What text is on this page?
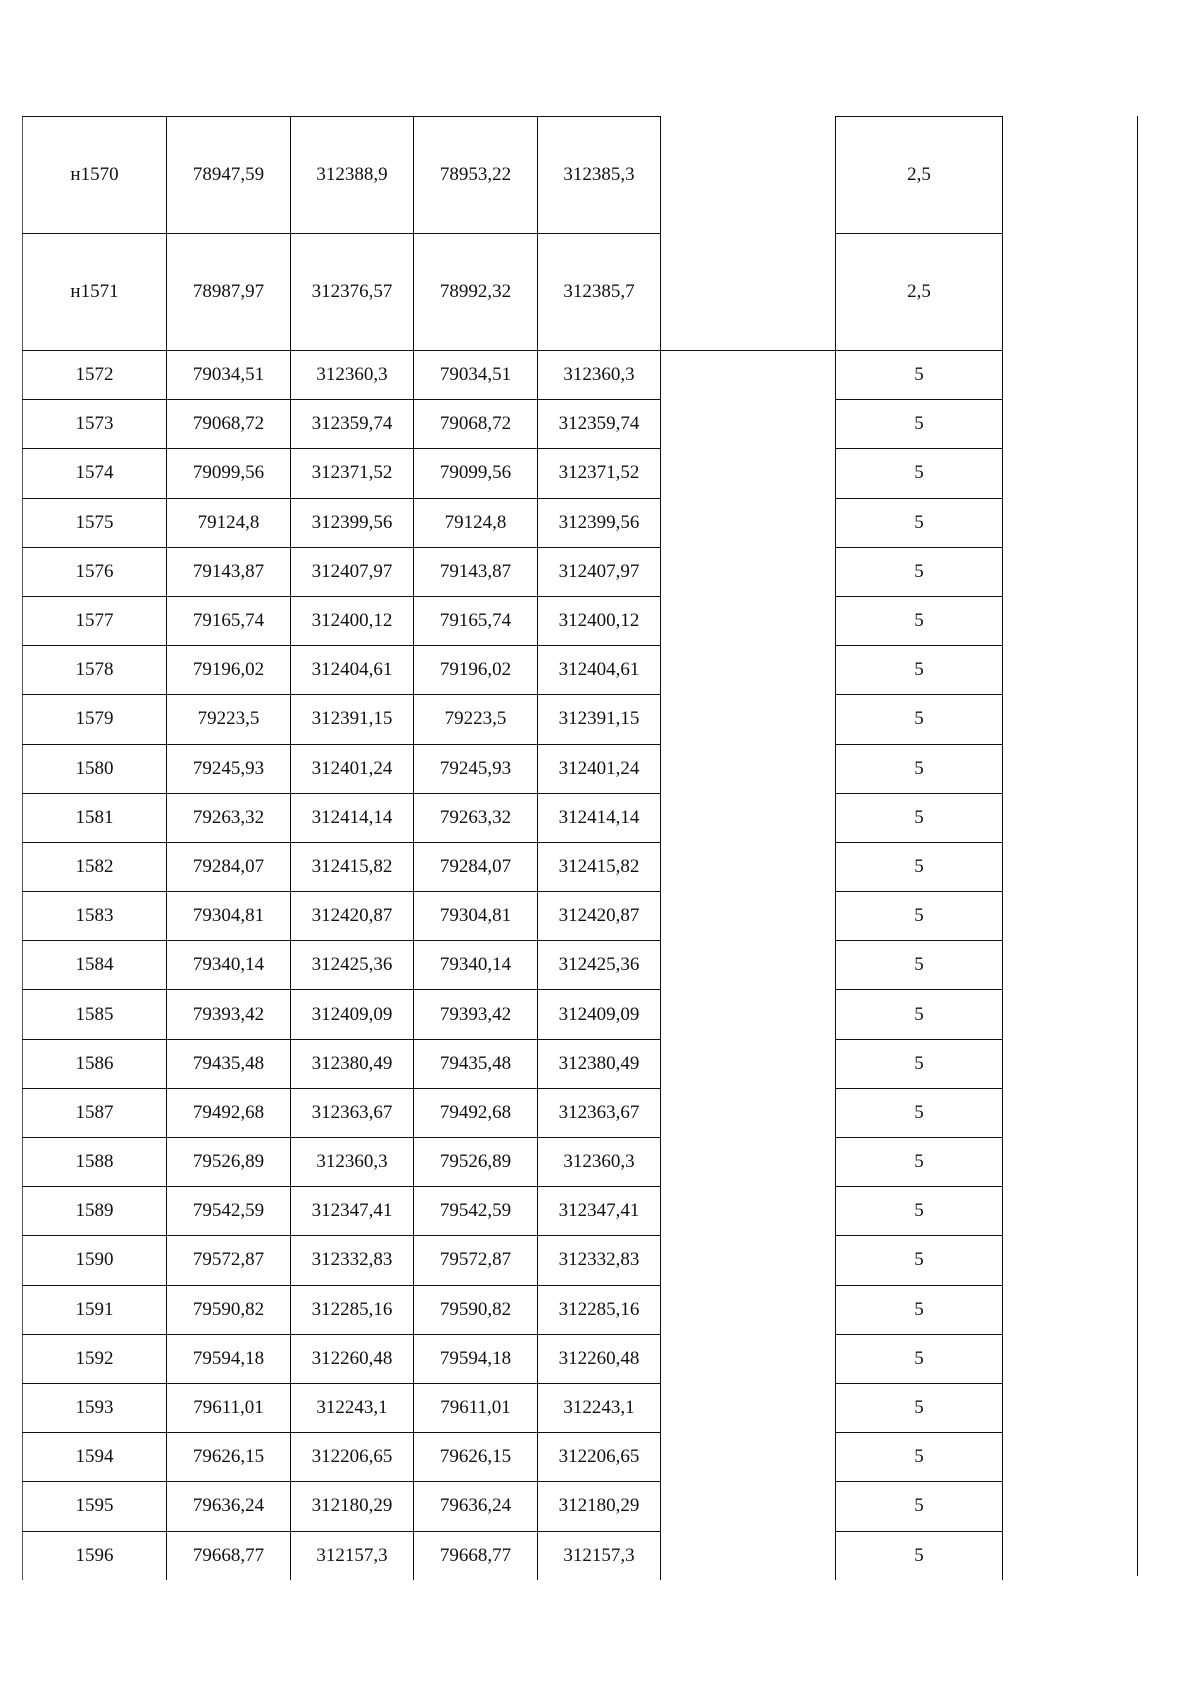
н1570	78947,59	312388,9	78953,22	312385,3		2,5	
н1571	78987,97	312376,57	78992,32	312385,7		2,5	
1572	79034,51	312360,3	79034,51	312360,3		5	
1573	79068,72	312359,74	79068,72	312359,74		5	
1574	79099,56	312371,52	79099,56	312371,52		5	
1575	79124,8	312399,56	79124,8	312399,56		5	
1576	79143,87	312407,97	79143,87	312407,97		5	
1577	79165,74	312400,12	79165,74	312400,12		5	
1578	79196,02	312404,61	79196,02	312404,61		5	
1579	79223,5	312391,15	79223,5	312391,15		5	
1580	79245,93	312401,24	79245,93	312401,24		5	
1581	79263,32	312414,14	79263,32	312414,14		5	
1582	79284,07	312415,82	79284,07	312415,82		5	
1583	79304,81	312420,87	79304,81	312420,87		5	
1584	79340,14	312425,36	79340,14	312425,36		5	
1585	79393,42	312409,09	79393,42	312409,09		5	
1586	79435,48	312380,49	79435,48	312380,49		5	
1587	79492,68	312363,67	79492,68	312363,67		5	
1588	79526,89	312360,3	79526,89	312360,3		5	
1589	79542,59	312347,41	79542,59	312347,41		5	
1590	79572,87	312332,83	79572,87	312332,83		5	
1591	79590,82	312285,16	79590,82	312285,16		5	
1592	79594,18	312260,48	79594,18	312260,48		5	
1593	79611,01	312243,1	79611,01	312243,1		5	
1594	79626,15	312206,65	79626,15	312206,65		5	
1595	79636,24	312180,29	79636,24	312180,29		5	
1596	79668,77	312157,3	79668,77	312157,3		5	
